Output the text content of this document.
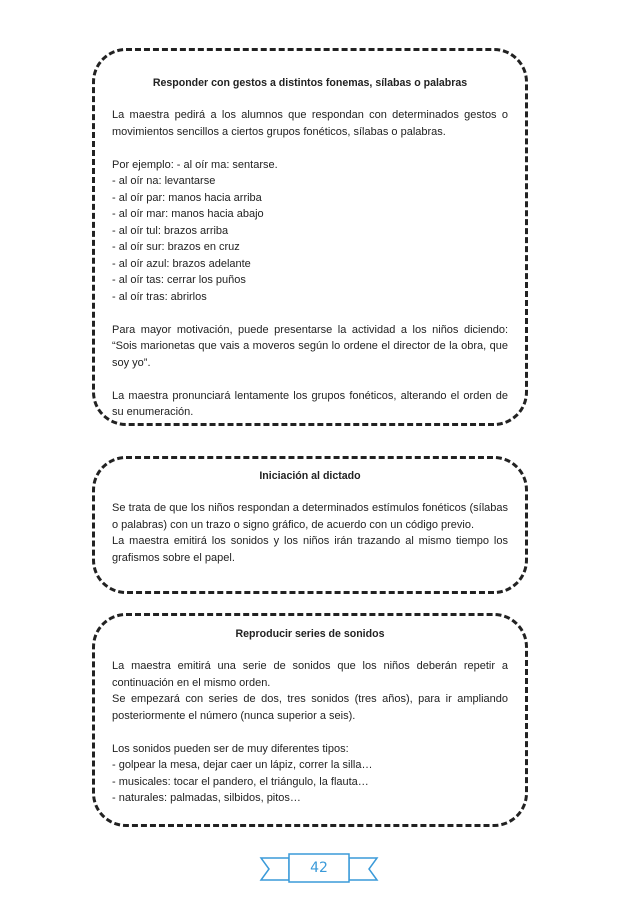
Responder con gestos a distintos fonemas, sílabas o palabras

La maestra pedirá a los alumnos que respondan con determinados gestos o movimientos sencillos a ciertos grupos fonéticos, sílabas o palabras.

Por ejemplo: - al oír ma: sentarse.
- al oír na: levantarse
- al oír par: manos hacia arriba
- al oír mar: manos hacia abajo
- al oír tul: brazos arriba
- al oír sur: brazos en cruz
- al oír azul: brazos adelante
- al oír tas: cerrar los puños
- al oír tras: abrirlos

Para mayor motivación, puede presentarse la actividad a los niños diciendo: “Sois marionetas que vais a moveros según lo ordene el director de la obra, que soy yo”.

La maestra pronunciará lentamente los grupos fonéticos, alterando el orden de su enumeración.

Iniciación al dictado

Se trata de que los niños respondan a determinados estímulos fonéticos (sílabas o palabras) con un trazo o signo gráfico, de acuerdo con un código previo.

La maestra emitirá los sonidos y los niños irán trazando al mismo tiempo los grafismos sobre el papel.

Reproducir series de sonidos

La maestra emitirá una serie de sonidos que los niños deberán repetir a continuación en el mismo orden.

Se empezará con series de dos, tres sonidos (tres años), para ir ampliando posteriormente el número (nunca superior a seis).

Los sonidos pueden ser de muy diferentes tipos:

- golpear la mesa, dejar caer un lápiz, correr la silla…
- musicales: tocar el pandero, el triángulo, la flauta…
- naturales: palmadas, silbidos, pitos…
42
